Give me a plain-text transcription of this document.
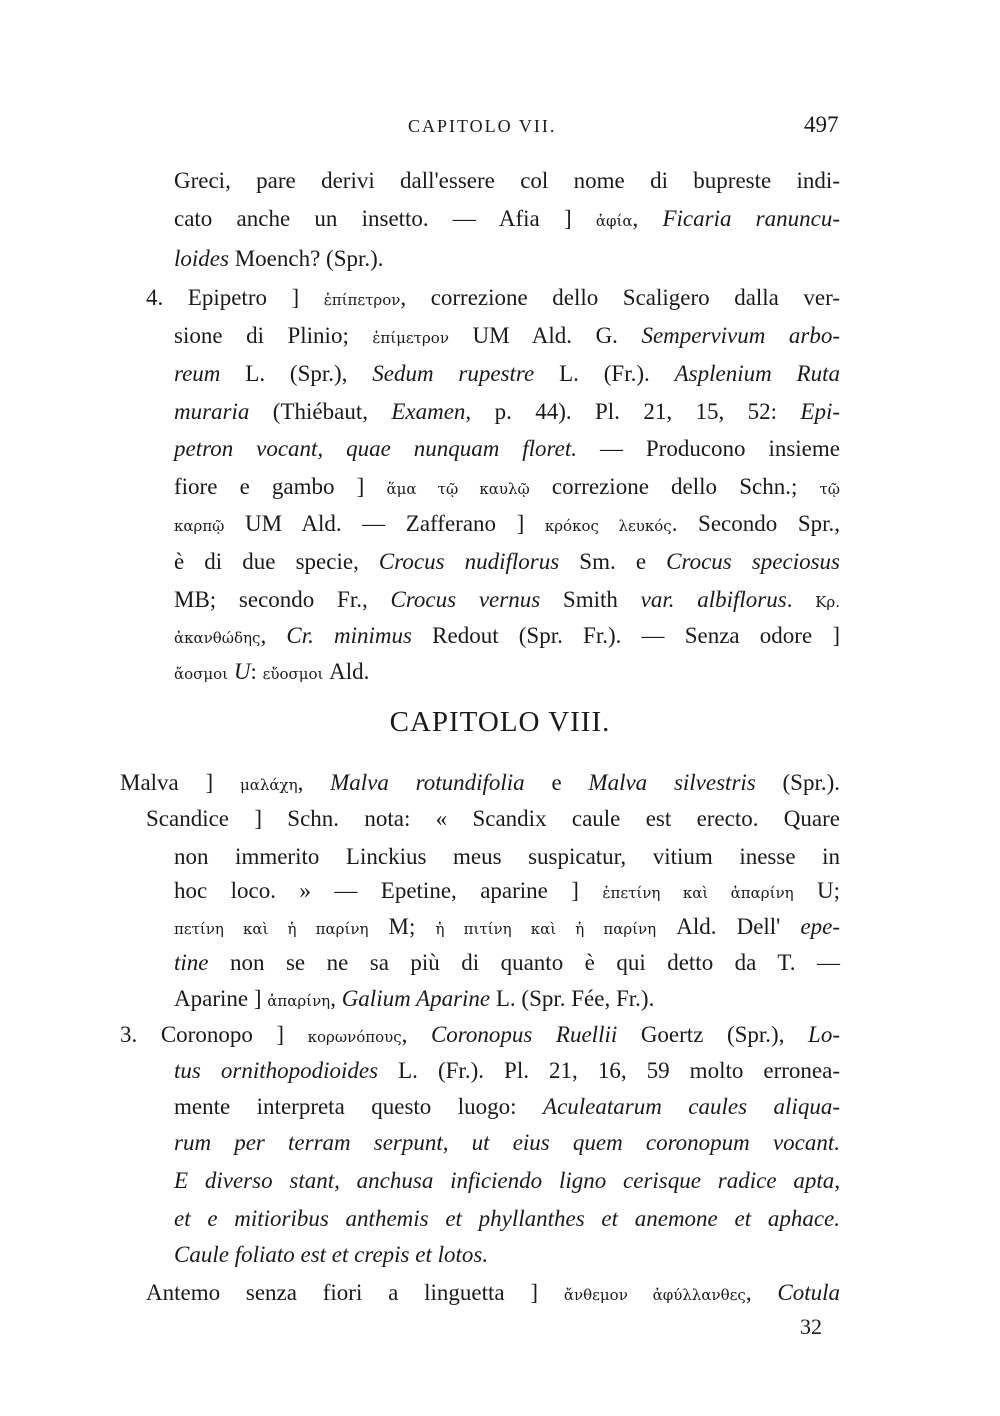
CAPITOLO VII.	497
Greci, pare derivi dall'essere col nome di bupreste indi-
cato anche un insetto. — Afia ] ἀφία, Ficaria ranuncu-
loides Moench? (Spr.).
4. Epipetro ] ἐπίπετρον, correzione dello Scaligero dalla ver-
sione di Plinio; ἐπίμετρον UM Ald. G. Sempervivum arbo-
reum L. (Spr.), Sedum rupestre L. (Fr.). Asplenium Ruta
muraria (Thiébaut, Examen, p. 44). Pl. 21, 15, 52: Epi-
petron vocant, quae nunquam floret. — Producono insieme
fiore e gambo ] ἅμα τῷ καυλῷ correzione dello Schn.; τῷ
καρπῷ UM Ald. — Zafferano ] κρόκος λευκός. Secondo Spr.,
è di due specie, Crocus nudiflorus Sm. e Crocus speciosus
MB; secondo Fr., Crocus vernus Smith var. albiflorus. Κρ.
ἀκανθώδης, Cr. minimus Redout (Spr. Fr.). — Senza odore ]
ἄοσμοι U: εὔοσμοι Ald.
CAPITOLO VIII.
Malva ] μαλάχη, Malva rotundifolia e Malva silvestris (Spr.).
Scandice ] Schn. nota: « Scandix caule est erecto. Quare
non immerito Linckius meus suspicatur, vitium inesse in
hoc loco. » — Epetine, aparine ] ἐπετίνη καὶ ἀπαρίνη U;
πετίνη καὶ ἡ παρίνη M; ἡ πιτίνη καὶ ἡ παρίνη Ald. Dell' epe-
tine non se ne sa più di quanto è qui detto da T. —
Aparine ] ἀπαρίνη, Galium Aparine L. (Spr. Fée, Fr.).
3. Coronopo ] κορωνόπους, Coronopus Ruellii Goertz (Spr.), Lo-
tus ornithopodioides L. (Fr.). Pl. 21, 16, 59 molto erronea-
mente interpreta questo luogo: Aculeatarum caules aliqua-
rum per terram serpunt, ut eius quem coronopum vocant.
E diverso stant, anchusa inficiendo ligno cerisque radice apta,
et e mitioribus anthemis et phyllanthes et anemone et aphace.
Caule foliato est et crepis et lotos.
Antemo senza fiori a linguetta ] ἄνθεμον ἀφύλλανθες, Cotula
32
